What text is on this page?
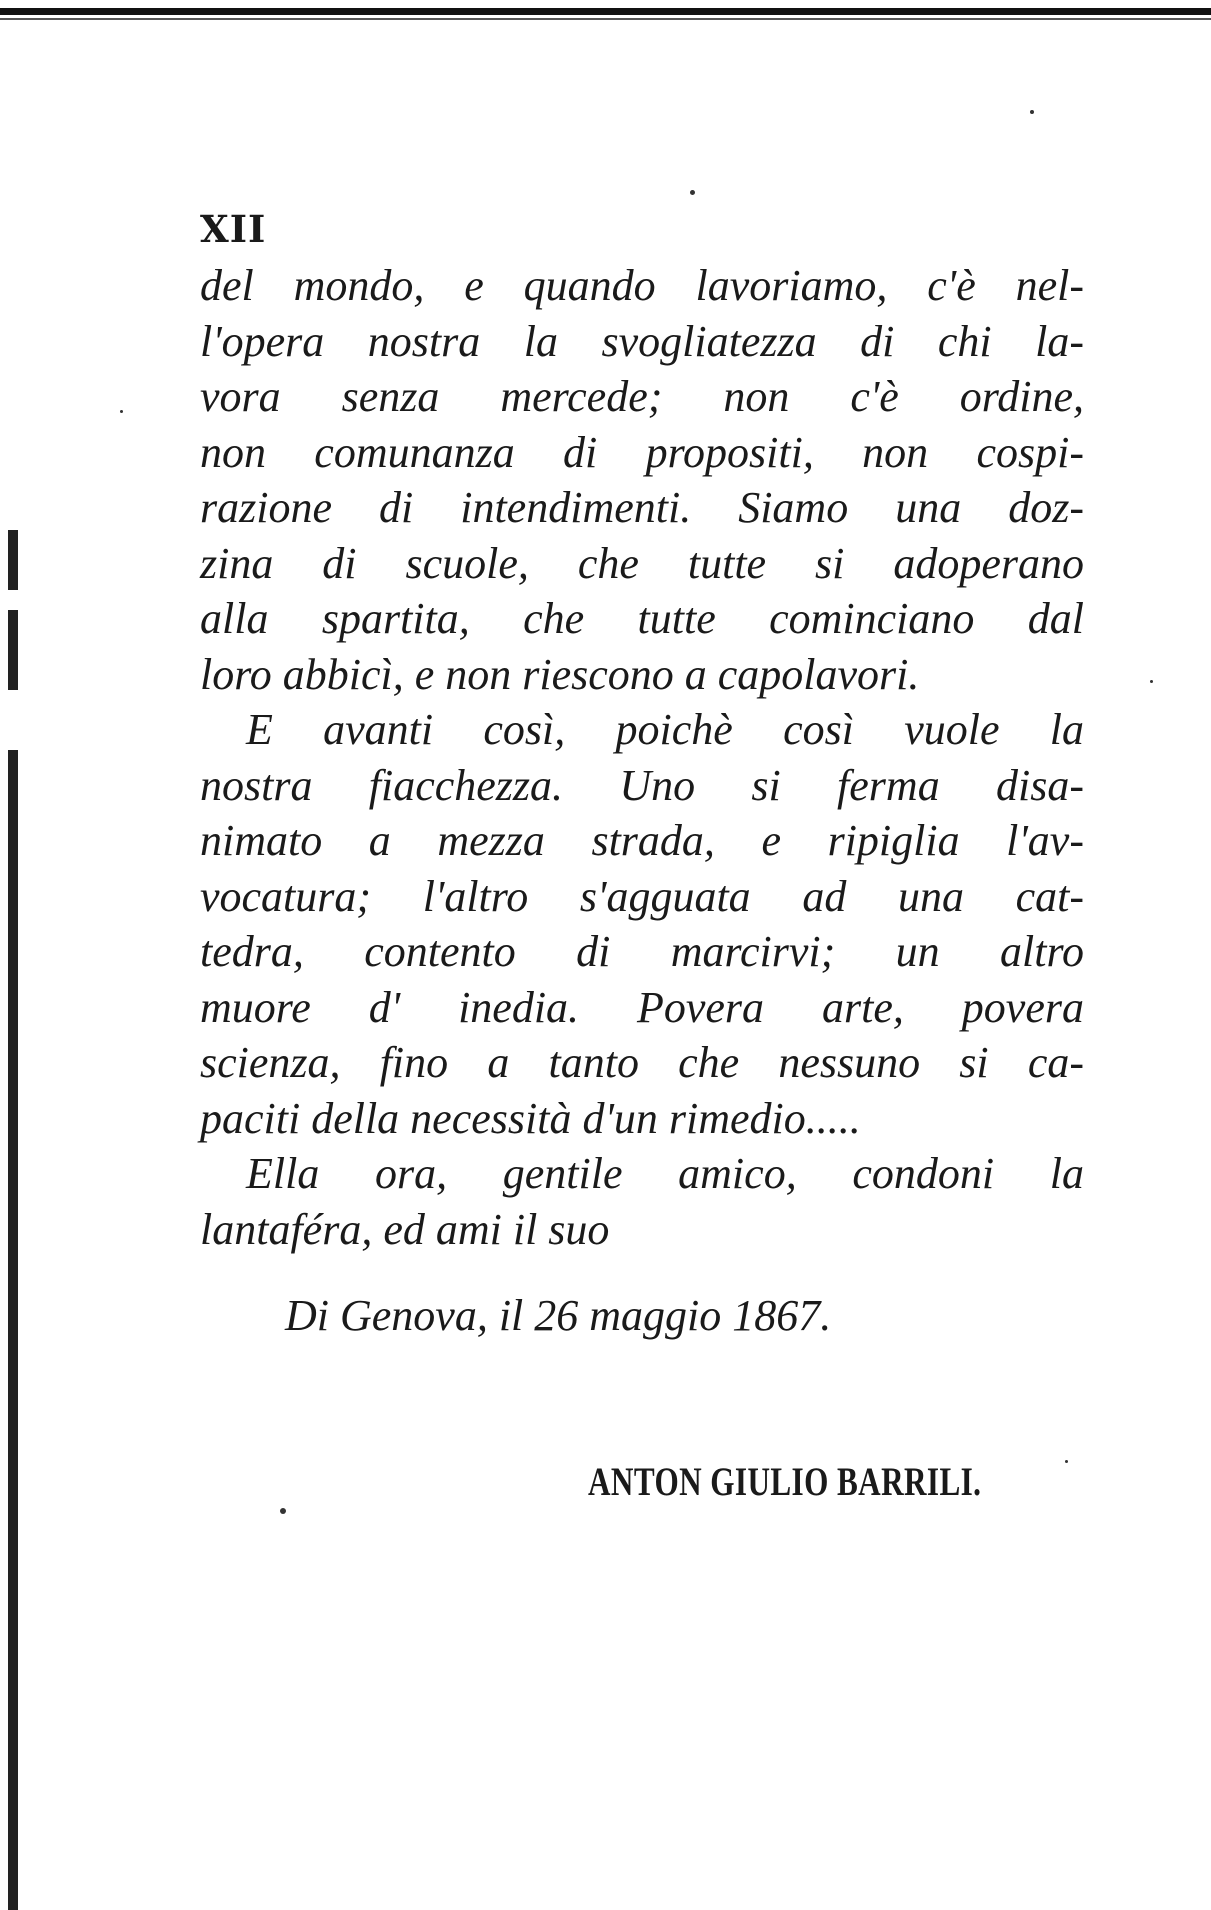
XII
del mondo, e quando lavoriamo, c'è nel-
l'opera nostra la svogliatezza di chi la-
vora senza mercede; non c'è ordine,
non comunanza di propositi, non cospi-
razione di intendimenti. Siamo una doz-
zina di scuole, che tutte si adoperano
alla spartita, che tutte cominciano dal
loro abbicì, e non riescono a capolavori.
E avanti così, poichè così vuole la
nostra fiacchezza. Uno si ferma disa-
nimato a mezza strada, e ripiglia l'av-
vocatura; l'altro s'agguata ad una cat-
tedra, contento di marcirvi; un altro
muore d' inedia. Povera arte, povera
scienza, fino a tanto che nessuno si ca-
paciti della necessità d'un rimedio.....
Ella ora, gentile amico, condoni la
lantaféra, ed ami il suo
Di Genova, il 26 maggio 1867.
ANTON GIULIO BARRILI.
